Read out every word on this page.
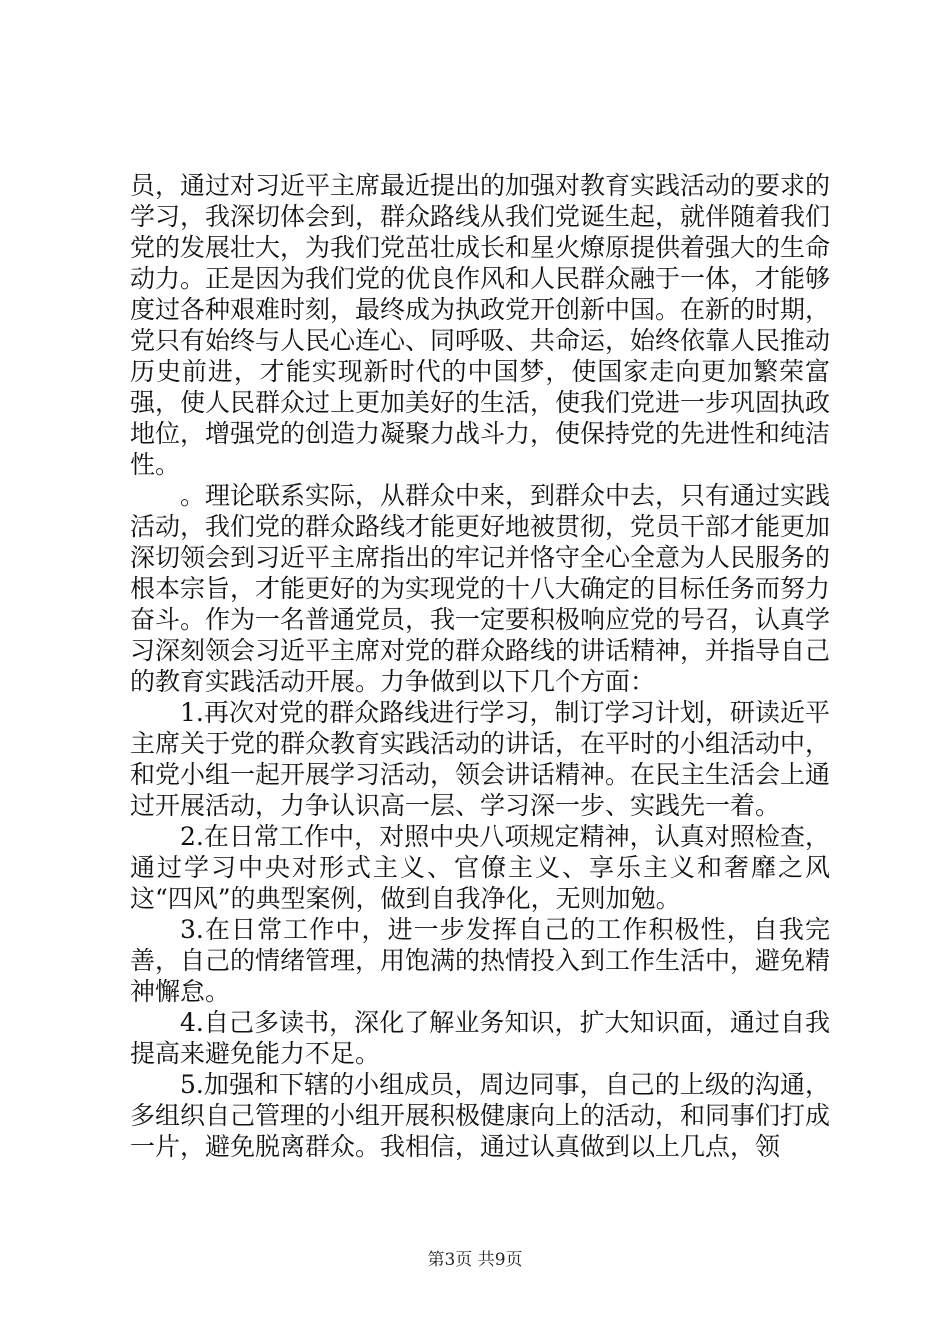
员，通过对习近平主席最近提出的加强对教育实践活动的要求的学习，我深切体会到，群众路线从我们党诞生起，就伴随着我们党的发展壮大，为我们党茁壮成长和星火燎原提供着强大的生命动力。正是因为我们党的优良作风和人民群众融于一体，才能够度过各种艰难时刻，最终成为执政党开创新中国。在新的时期，党只有始终与人民心连心、同呼吸、共命运，始终依靠人民推动历史前进，才能实现新时代的中国梦，使国家走向更加繁荣富强，使人民群众过上更加美好的生活，使我们党进一步巩固执政地位，增强党的创造力凝聚力战斗力，使保持党的先进性和纯洁性。

。理论联系实际，从群众中来，到群众中去，只有通过实践活动，我们党的群众路线才能更好地被贯彻，党员干部才能更加深切领会到习近平主席指出的牢记并恪守全心全意为人民服务的根本宗旨，才能更好的为实现党的十八大确定的目标任务而努力奋斗。作为一名普通党员，我一定要积极响应党的号召，认真学习深刻领会习近平主席对党的群众路线的讲话精神，并指导自己的教育实践活动开展。力争做到以下几个方面：

1.再次对党的群众路线进行学习，制订学习计划，研读近平主席关于党的群众教育实践活动的讲话，在平时的小组活动中，和党小组一起开展学习活动，领会讲话精神。在民主生活会上通过开展活动，力争认识高一层、学习深一步、实践先一着。

2.在日常工作中，对照中央八项规定精神，认真对照检查，通过学习中央对形式主义、官僚主义、享乐主义和奢靡之风这“四风”的典型案例，做到自我净化，无则加勉。

3.在日常工作中，进一步发挥自己的工作积极性，自我完善，自己的情绪管理，用饱满的热情投入到工作生活中，避免精神懈怠。

4.自己多读书，深化了解业务知识，扩大知识面，通过自我提高来避免能力不足。

5.加强和下辖的小组成员，周边同事，自己的上级的沟通，多组织自己管理的小组开展积极健康向上的活动，和同事们打成一片，避免脱离群众。我相信，通过认真做到以上几点，领

第3页 共9页
